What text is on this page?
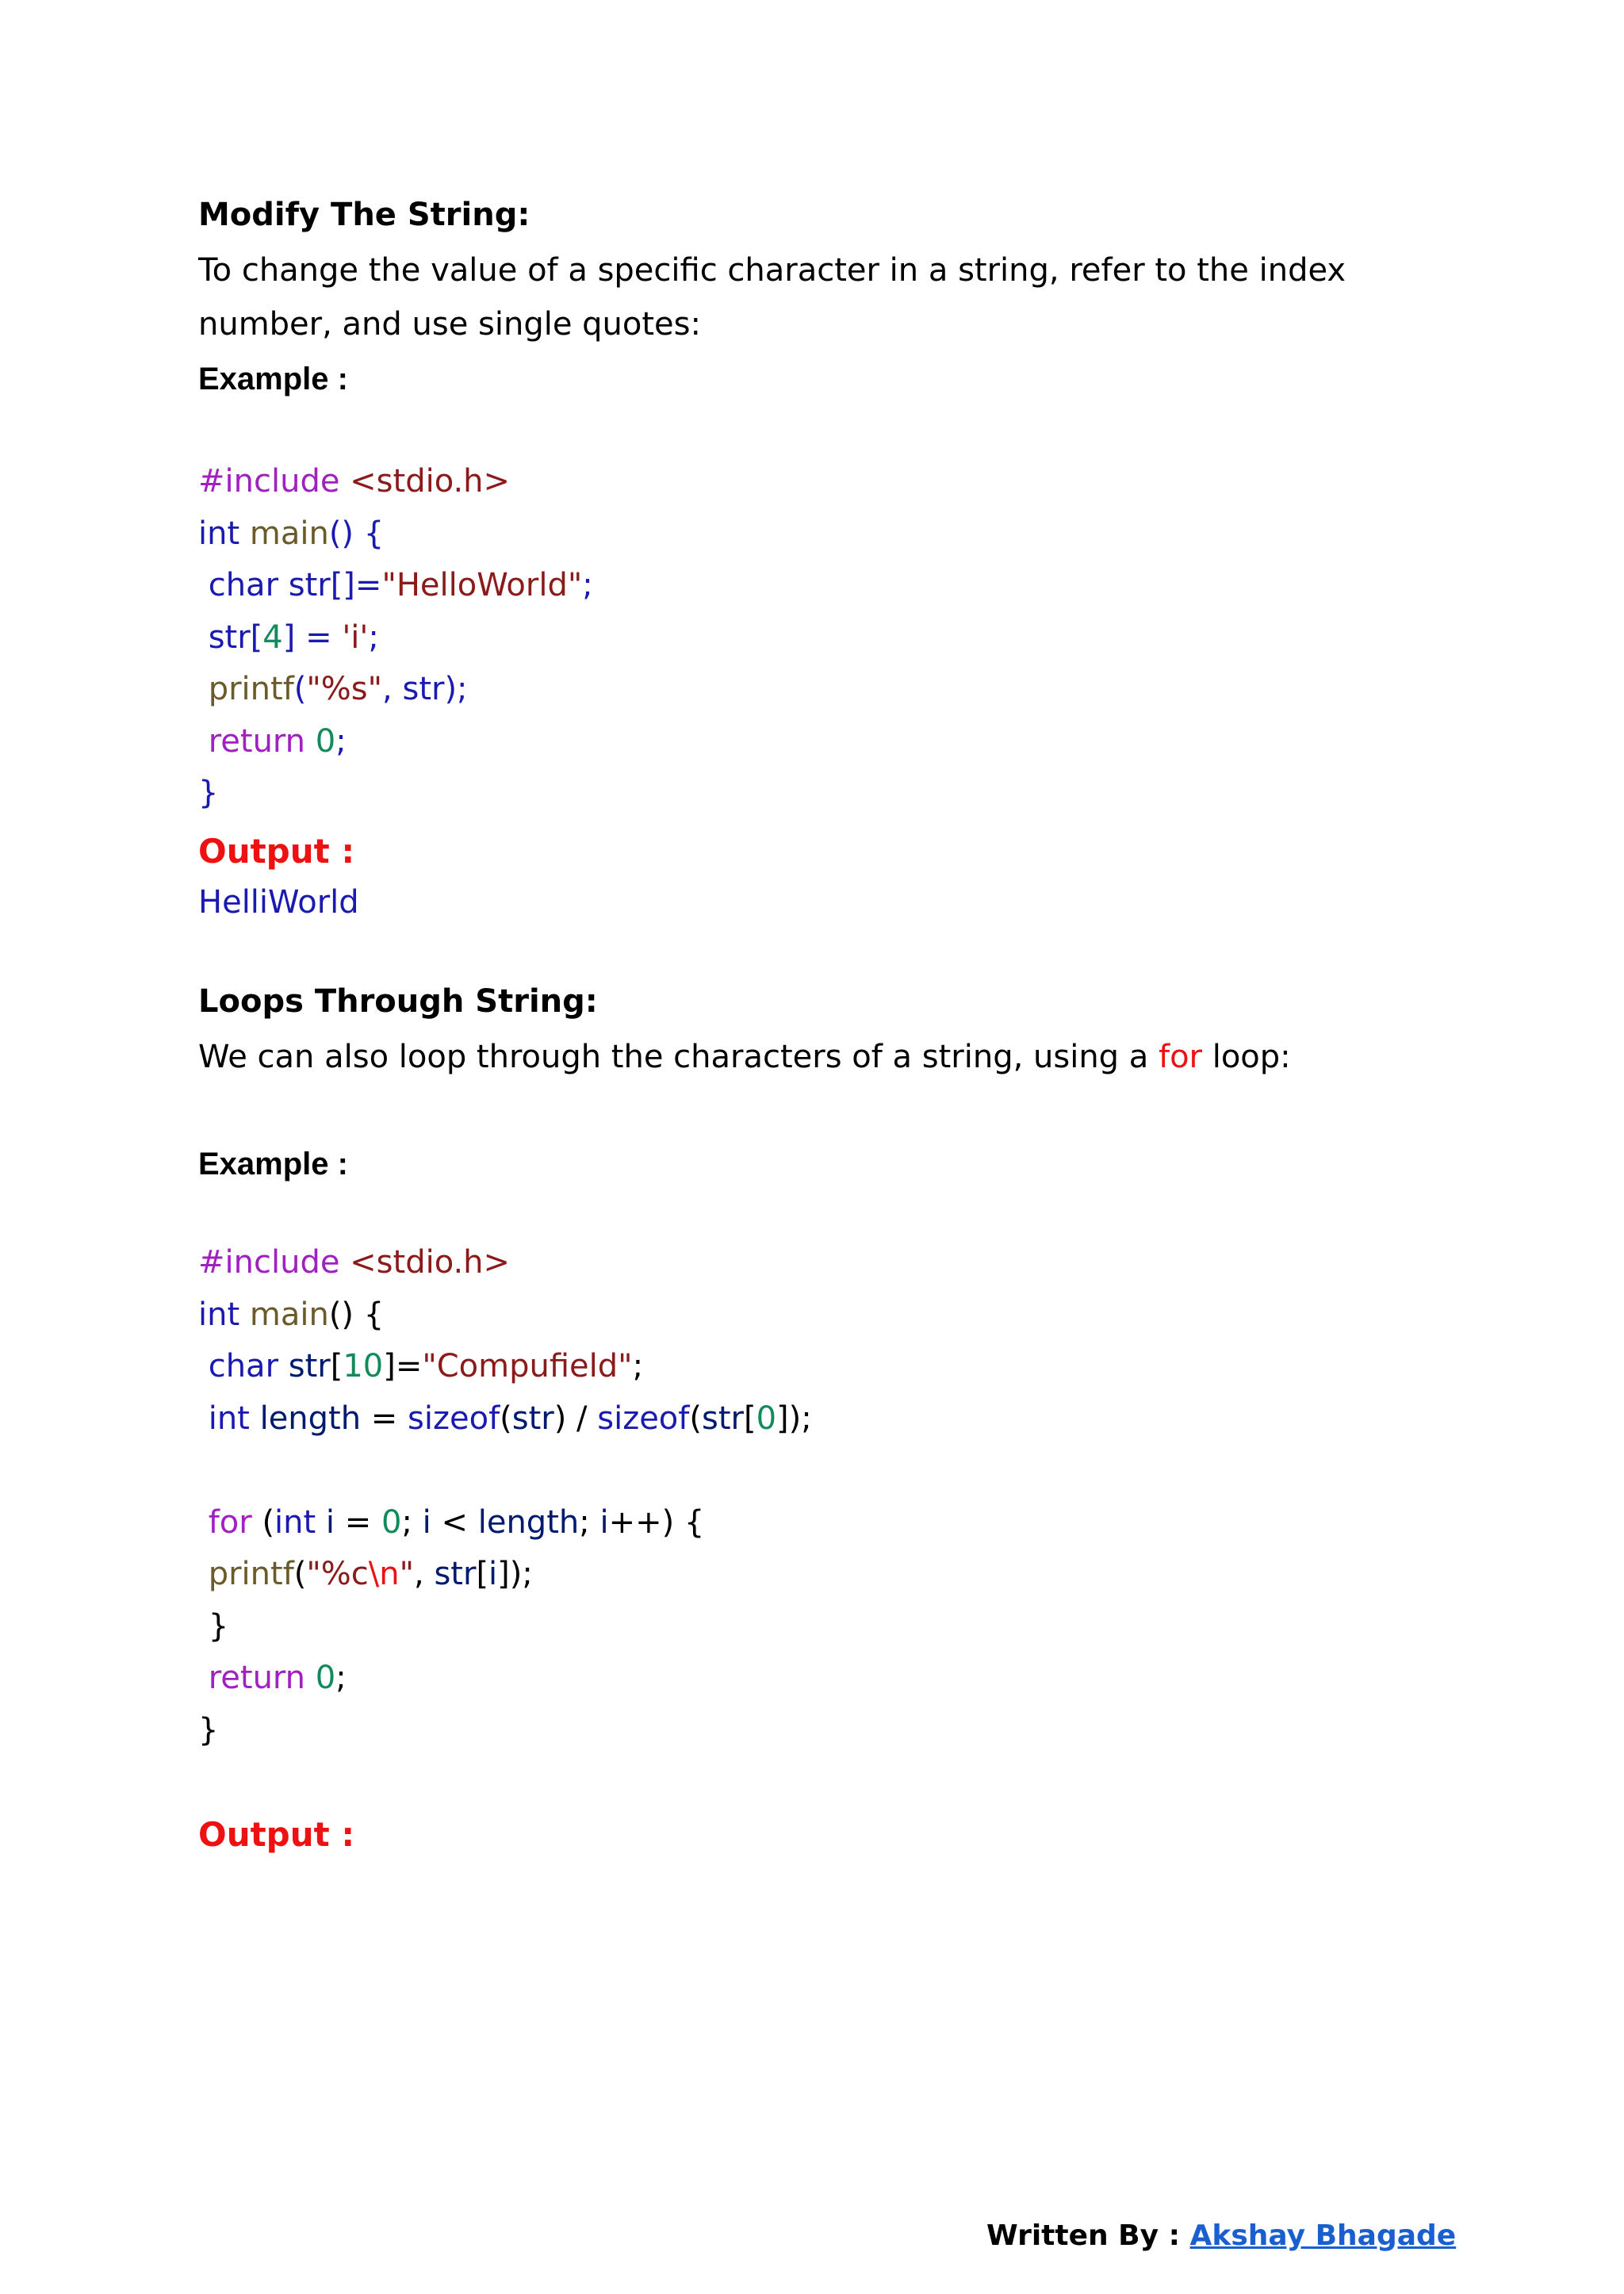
Modify The String:
To change the value of a specific character in a string, refer to the index
number, and use single quotes:
Example :
#include <stdio.h>
int main() {
char str[]="HelloWorld";
str[4] = 'i';
printf("%s", str);
return 0;
}
Output :
HelliWorld
Loops Through String:
We can also loop through the characters of a string, using a for loop:
Example :
#include <stdio.h>
int main() {
char str[10]="Compufield";
int length = sizeof(str) / sizeof(str[0]);
for (int i = 0; i < length; i++) {
printf("%c\n", str[i]);
}
return 0;
}
Output :
Written By : Akshay Bhagade
